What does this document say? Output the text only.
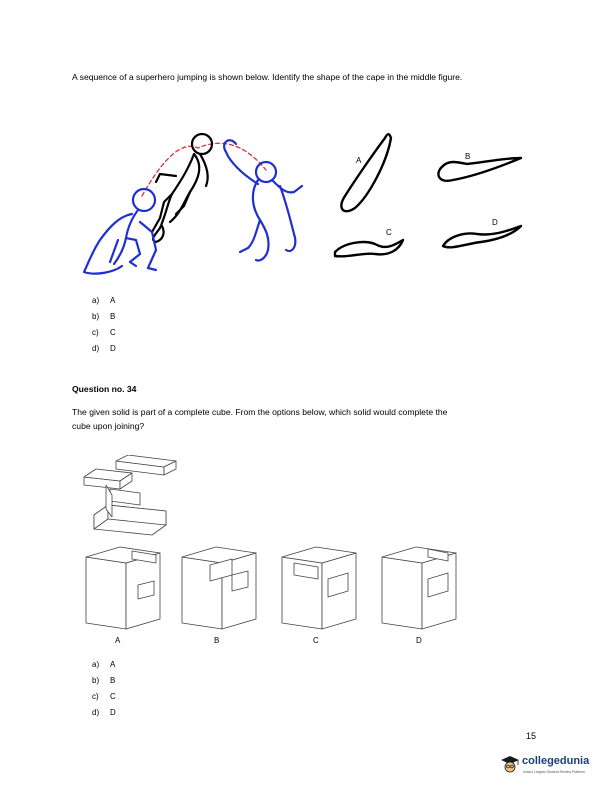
A sequence of a superhero jumping is shown below. Identify the shape of the cape in the middle figure.
A	B
C
D
a) A
b) B
c) C
d) D
Question no. 34
The given solid is part of a complete cube. From the options below, which solid would complete the
cube upon joining?
A	B	C	D
a) A
b) B
c) C
d) D
15
collegedunia
India's Largest Student Review Platform
